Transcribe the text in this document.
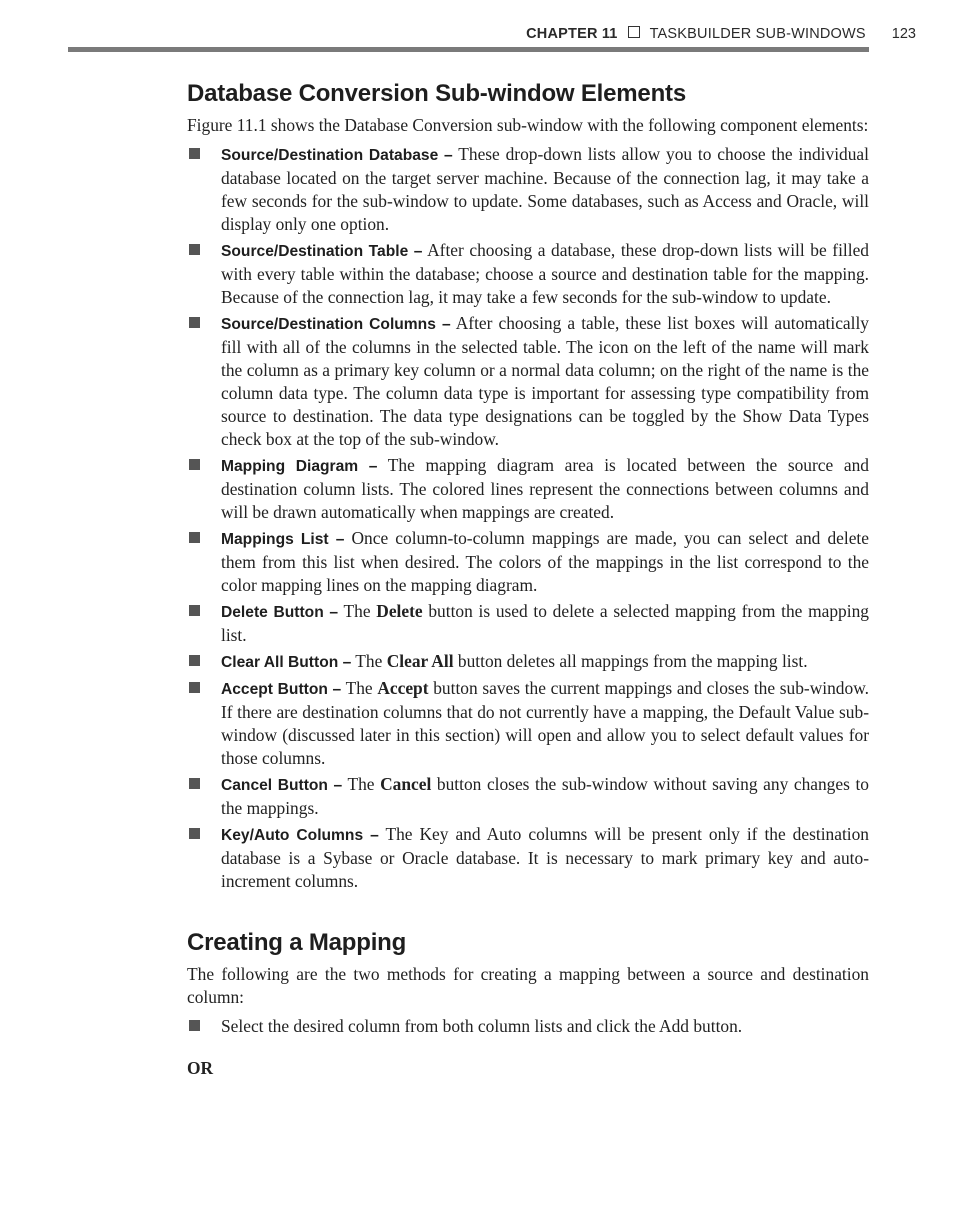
CHAPTER 11 TASKBUILDER SUB-WINDOWS 123
Database Conversion Sub-window Elements

Figure 11.1 shows the Database Conversion sub-window with the following component elements:

Source/Destination Database – These drop-down lists allow you to choose the individual database located on the target server machine. Because of the connection lag, it may take a few seconds for the sub-window to update. Some databases, such as Access and Oracle, will display only one option.
Source/Destination Table – After choosing a database, these drop-down lists will be filled with every table within the database; choose a source and destination table for the mapping. Because of the connection lag, it may take a few seconds for the sub-window to update.
Source/Destination Columns – After choosing a table, these list boxes will automatically fill with all of the columns in the selected table. The icon on the left of the name will mark the column as a primary key column or a normal data column; on the right of the name is the column data type. The column data type is important for assessing type compatibility from source to destination. The data type designations can be toggled by the Show Data Types check box at the top of the sub-window.
Mapping Diagram – The mapping diagram area is located between the source and destination column lists. The colored lines represent the connections between columns and will be drawn automatically when mappings are created.
Mappings List – Once column-to-column mappings are made, you can select and delete them from this list when desired. The colors of the mappings in the list correspond to the color mapping lines on the mapping diagram.
Delete Button – The Delete button is used to delete a selected mapping from the mapping list.
Clear All Button – The Clear All button deletes all mappings from the mapping list.
Accept Button – The Accept button saves the current mappings and closes the sub-window. If there are destination columns that do not currently have a mapping, the Default Value sub-window (discussed later in this section) will open and allow you to select default values for those columns.
Cancel Button – The Cancel button closes the sub-window without saving any changes to the mappings.
Key/Auto Columns – The Key and Auto columns will be present only if the destination database is a Sybase or Oracle database. It is necessary to mark primary key and auto-increment columns.
Creating a Mapping

The following are the two methods for creating a mapping between a source and destination column:

Select the desired column from both column lists and click the Add button.
OR
